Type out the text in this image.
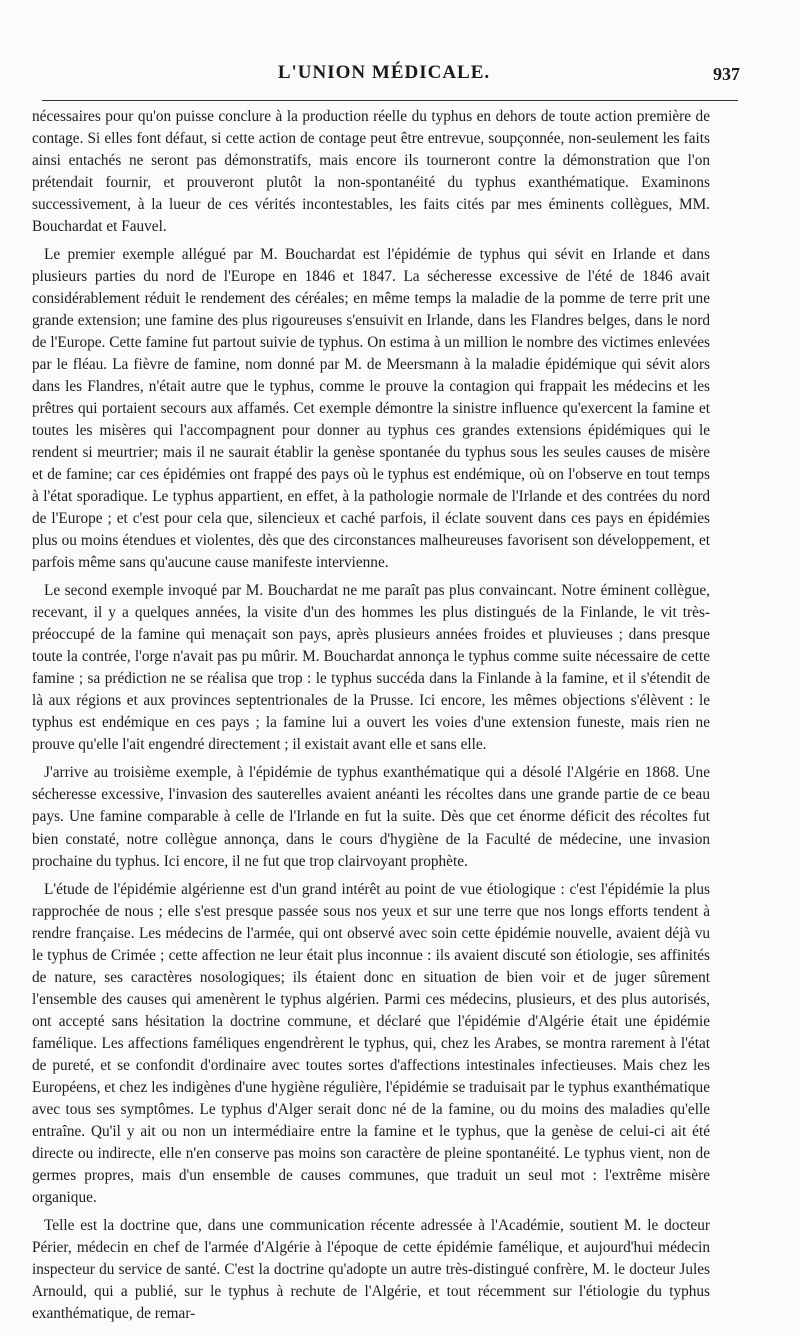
L'UNION MÉDICALE.	937

nécessaires pour qu'on puisse conclure à la production réelle du typhus en dehors de toute action première de contage. Si elles font défaut, si cette action de contage peut être entrevue, soupçonnée, non-seulement les faits ainsi entachés ne seront pas démonstratifs, mais encore ils tourneront contre la démonstration que l'on prétendait fournir, et prouveront plutôt la non-spontanéité du typhus exanthématique. Examinons successivement, à la lueur de ces vérités incontestables, les faits cités par mes éminents collègues, MM. Bouchardat et Fauvel.

Le premier exemple allégué par M. Bouchardat est l'épidémie de typhus qui sévit en Irlande et dans plusieurs parties du nord de l'Europe en 1846 et 1847. La sécheresse excessive de l'été de 1846 avait considérablement réduit le rendement des céréales; en même temps la maladie de la pomme de terre prit une grande extension; une famine des plus rigoureuses s'ensuivit en Irlande, dans les Flandres belges, dans le nord de l'Europe. Cette famine fut partout suivie de typhus. On estima à un million le nombre des victimes enlevées par le fléau. La fièvre de famine, nom donné par M. de Meersmann à la maladie épidémique qui sévit alors dans les Flandres, n'était autre que le typhus, comme le prouve la contagion qui frappait les médecins et les prêtres qui portaient secours aux affamés. Cet exemple démontre la sinistre influence qu'exercent la famine et toutes les misères qui l'accompagnent pour donner au typhus ces grandes extensions épidémiques qui le rendent si meurtrier; mais il ne saurait établir la genèse spontanée du typhus sous les seules causes de misère et de famine; car ces épidémies ont frappé des pays où le typhus est endémique, où on l'observe en tout temps à l'état sporadique. Le typhus appartient, en effet, à la pathologie normale de l'Irlande et des contrées du nord de l'Europe ; et c'est pour cela que, silencieux et caché parfois, il éclate souvent dans ces pays en épidémies plus ou moins étendues et violentes, dès que des circonstances malheureuses favorisent son développement, et parfois même sans qu'aucune cause manifeste intervienne.

Le second exemple invoqué par M. Bouchardat ne me paraît pas plus convaincant. Notre éminent collègue, recevant, il y a quelques années, la visite d'un des hommes les plus distingués de la Finlande, le vit très-préoccupé de la famine qui menaçait son pays, après plusieurs années froides et pluvieuses ; dans presque toute la contrée, l'orge n'avait pas pu mûrir. M. Bouchardat annonça le typhus comme suite nécessaire de cette famine ; sa prédiction ne se réalisa que trop : le typhus succéda dans la Finlande à la famine, et il s'étendit de là aux régions et aux provinces septentrionales de la Prusse. Ici encore, les mêmes objections s'élèvent : le typhus est endémique en ces pays ; la famine lui a ouvert les voies d'une extension funeste, mais rien ne prouve qu'elle l'ait engendré directement ; il existait avant elle et sans elle.

J'arrive au troisième exemple, à l'épidémie de typhus exanthématique qui a désolé l'Algérie en 1868. Une sécheresse excessive, l'invasion des sauterelles avaient anéanti les récoltes dans une grande partie de ce beau pays. Une famine comparable à celle de l'Irlande en fut la suite. Dès que cet énorme déficit des récoltes fut bien constaté, notre collègue annonça, dans le cours d'hygiène de la Faculté de médecine, une invasion prochaine du typhus. Ici encore, il ne fut que trop clairvoyant prophète.

L'étude de l'épidémie algérienne est d'un grand intérêt au point de vue étiologique : c'est l'épidémie la plus rapprochée de nous ; elle s'est presque passée sous nos yeux et sur une terre que nos longs efforts tendent à rendre française. Les médecins de l'armée, qui ont observé avec soin cette épidémie nouvelle, avaient déjà vu le typhus de Crimée ; cette affection ne leur était plus inconnue : ils avaient discuté son étiologie, ses affinités de nature, ses caractères nosologiques; ils étaient donc en situation de bien voir et de juger sûrement l'ensemble des causes qui amenèrent le typhus algérien. Parmi ces médecins, plusieurs, et des plus autorisés, ont accepté sans hésitation la doctrine commune, et déclaré que l'épidémie d'Algérie était une épidémie famélique. Les affections faméliques engendrèrent le typhus, qui, chez les Arabes, se montra rarement à l'état de pureté, et se confondit d'ordinaire avec toutes sortes d'affections intestinales infectieuses. Mais chez les Européens, et chez les indigènes d'une hygiène régulière, l'épidémie se traduisait par le typhus exanthématique avec tous ses symptômes. Le typhus d'Alger serait donc né de la famine, ou du moins des maladies qu'elle entraîne. Qu'il y ait ou non un intermédiaire entre la famine et le typhus, que la genèse de celui-ci ait été directe ou indirecte, elle n'en conserve pas moins son caractère de pleine spontanéité. Le typhus vient, non de germes propres, mais d'un ensemble de causes communes, que traduit un seul mot : l'extrême misère organique.

Telle est la doctrine que, dans une communication récente adressée à l'Académie, soutient M. le docteur Périer, médecin en chef de l'armée d'Algérie à l'époque de cette épidémie famélique, et aujourd'hui médecin inspecteur du service de santé. C'est la doctrine qu'adopte un autre très-distingué confrère, M. le docteur Jules Arnould, qui a publié, sur le typhus à rechute de l'Algérie, et tout récemment sur l'étiologie du typhus exanthématique, de remar-
